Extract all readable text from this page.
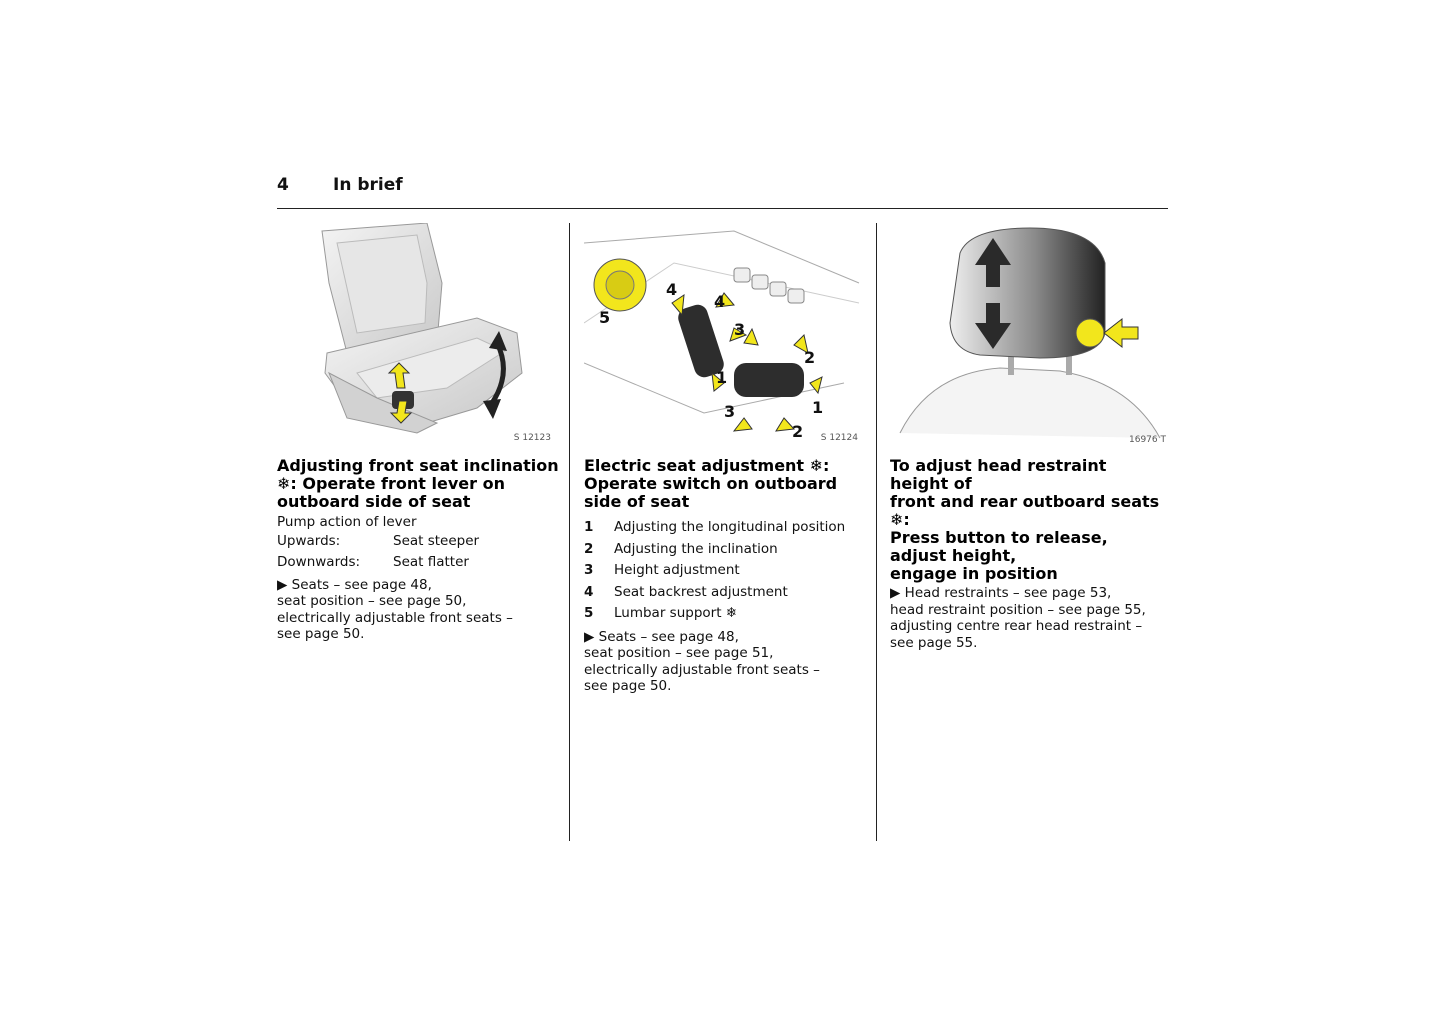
4	In brief
S 12123
Adjusting front seat inclination ❄: Operate front lever on outboard side of seat
Pump action of lever
Upwards:	Seat steeper
Downwards:	Seat flatter
▶ Seats – see page 48,
seat position – see page 50,
electrically adjustable front seats –
see page 50.
5
4
4
3
2
1
1
3
2 S 12124
Electric seat adjustment ❄: Operate switch on outboard side of seat
1	Adjusting the longitudinal position
2	Adjusting the inclination
3	Height adjustment
4	Seat backrest adjustment
5	Lumbar support ❄
▶ Seats – see page 48,
seat position – see page 51,
electrically adjustable front seats –
see page 50.
16976 T
To adjust head restraint height of
front and rear outboard seats ❄:
Press button to release,
adjust height,
engage in position
▶ Head restraints – see page 53,
head restraint position – see page 55,
adjusting centre rear head restraint –
see page 55.
